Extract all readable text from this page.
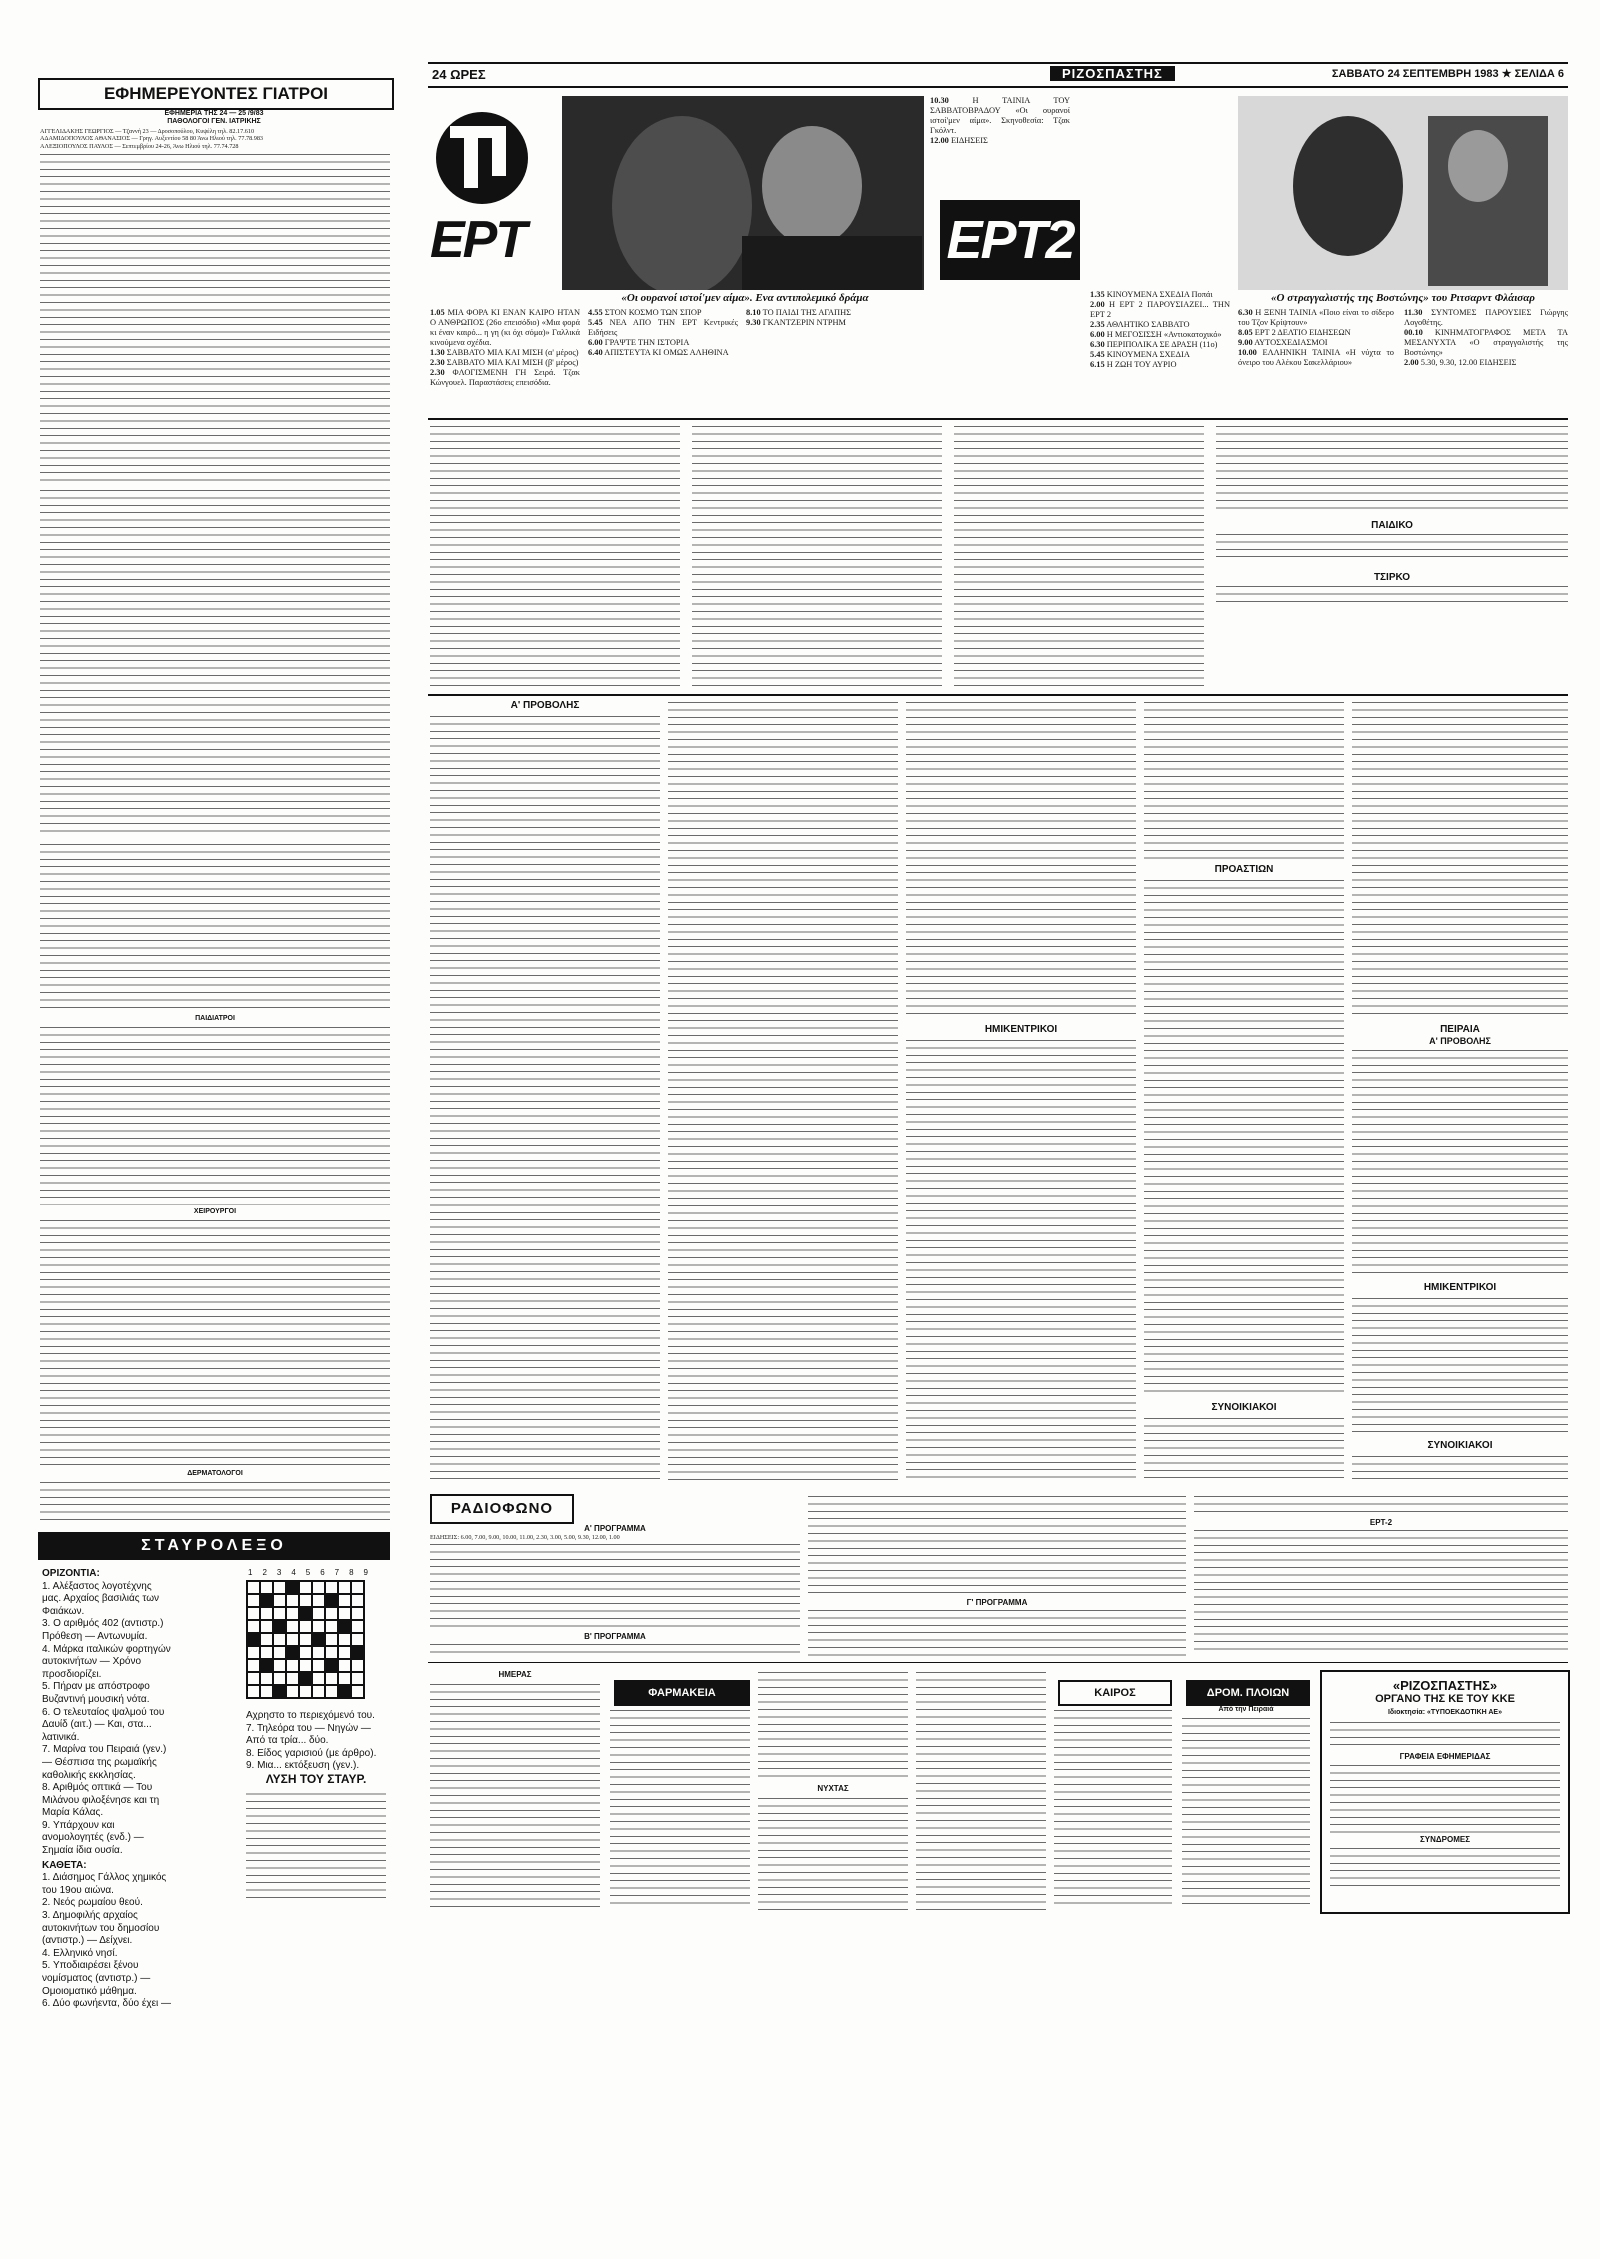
ΕΦΗΜΕΡΕΥΟΝΤΕΣ ΓΙΑΤΡΟΙ
ΕΦΗΜΕΡΙΑ ΤΗΣ 24 — 25 /9/83
ΠΑΘΟΛΟΓΟΙ ΓΕΝ. ΙΑΤΡΙΚΗΣ
ΑΓΓΕΛΙΔΑΚΗΣ ΓΕΩΡΓΙΟΣ — Τζαννή 23 — Δροσοπούλου, Κυψέλη τηλ. 82.17.610
ΑΔΑΜΙΔΟΠΟΥΛΟΣ ΑΘΑΝΑΣΙΟΣ — Γρηγ. Αυξεντίου 58 80 Άνω Ηλιού τηλ. 77.78.983
ΑΛΕΞΙΟΠΟΥΛΟΣ ΠΑΥΛΟΣ — Σεπτεμβρίου 24-26, Άνω Ηλιού τηλ. 77.74.728
ΠΑΙΔΙΑΤΡΟΙ
ΧΕΙΡΟΥΡΓΟΙ
ΔΕΡΜΑΤΟΛΟΓΟΙ
ΣΤΑΥΡΟΛΕΞΟ
ΟΡΙΖΟΝΤΙΑ:
1. Αλέξαστος λογοτέχνης μας. Αρχαίος βασιλιάς των Φαιάκων.
3. O αριθμός 402 (αντιστρ.) Πρόθεση — Αντωνυμία.
4. Μάρκα ιταλικών φορτηγών αυτοκινήτων — Χρόνο προσδιορίζει.
5. Πήραν με απόστροφο Βυζαντινή μουσική νότα.
6. Ο τελευταίος ψαλμού του Δαυίδ (αιτ.) — Και, στα... λατινικά.
7. Μαρίνα του Πειραιά (γεν.) — Θέσπισα της ρωμαϊκής καθολικής εκκλησίας.
8. Αριθμός οπτικά — Του Μιλάνου φιλοξένησε και τη Μαρία Κάλας.
9. Υπάρχουν και ανομολογητές (ενδ.) — Σημαία ίδια ουσία.
ΚΑΘΕΤΑ:
1. Διάσημος Γάλλος χημικός του 19ου αιώνα.
2. Νεός ρωμαίου θεού.
3. Δημοφιλής αρχαίος αυτοκινήτων του δημοσίου (αντιστρ.) — Δείχνει.
4. Ελληνικό νησί.
5. Υποδιαιρέσει ξένου νομίσματος (αντιστρ.) — Ομοιοματικό μάθημα.
6. Δύο φωνήεντα, δύο έχει —
1 2 3 4 5 6 7 8 9
Αχρηστο το περιεχόμενό του.
7. Τηλεόρα του — Νηγών — Από τα τρία... δύο.
8. Είδος γαρισιού (με άρθρο).
9. Μια... εκτόξευση (γεν.).
ΛΥΣΗ ΤΟΥ ΣΤΑΥΡ.
24 ΩΡΕΣ	ΡΙΖΟΣΠΑΣΤΗΣ	ΣΑΒΒΑΤΟ 24 ΣΕΠΤΕΜΒΡΗ 1983 ★ ΣΕΛΙΔΑ 6
ΕΡΤ
«Οι ουρανοί ιστοί'μεν αίμα». Ενα αντιπολεμικό δράμα
1.05 ΜΙΑ ΦΟΡΑ ΚΙ ΕΝΑΝ ΚΑΙΡΟ ΗΤΑΝ Ο ΑΝΘΡΩΠΟΣ (26ο επεισόδιο) «Μια φορά κι έναν καιρό... η γη (κι όχι σόμα)» Γαλλικά κινούμενα σχέδια.
1.30 ΣΑΒΒΑΤΟ ΜΙΑ ΚΑΙ ΜΙΣΗ (α' μέρος)
2.30 ΣΑΒΒΑΤΟ ΜΙΑ ΚΑΙ ΜΙΣΗ (β' μέρος)
2.30 ΦΛΟΓΙΣΜΕΝΗ ΓΗ Σειρά. Τζακ Κώνγουελ. Παραστάσεις επεισόδια.
4.55 ΣΤΟΝ ΚΟΣΜΟ ΤΩΝ ΣΠΟΡ
5.45 ΝΕΑ ΑΠΟ ΤΗΝ ΕΡΤ Κεντρικές Ειδήσεις
6.00 ΓΡΑΨΤΕ ΤΗΝ ΙΣΤΟΡΙΑ
6.40 ΑΠΙΣΤΕΥΤΑ ΚΙ ΟΜΩΣ ΑΛΗΘΙΝΑ
8.10 ΤΟ ΠΑΙΔΙ ΤΗΣ ΑΓΑΠΗΣ
9.30 ΓΚΑΝΤΖΕΡΙΝ ΝΤΡΗΜ
10.30	Η ΤΑΙΝΙΑ ΤΟΥ ΣΑΒΒΑΤΟΒΡΑΔΟΥ «Οι ουρανοί ιστοί'μεν αίμα». Σκηνοθεσία: Τζακ Γκόλντ.
12.00 ΕΙΔΗΣΕΙΣ
ΕΡΤ2
«Ο στραγγαλιστής της Βοστώνης» του Ριτσαρντ Φλάισαρ
1.35 ΚΙΝΟΥΜΕΝΑ ΣΧΕΔΙΑ Ποπάι
2.00 Η ΕΡΤ 2 ΠΑΡΟΥΣΙΑΖΕΙ... ΤΗΝ ΕΡΤ 2
2.35 ΑΘΛΗΤΙΚΟ ΣΑΒΒΑΤΟ
6.00 Η ΜΕΓΟΣΙΣΣΗ «Αντιοκατοχικό»
6.30 ΠΕΡΙΠΟΛΙΚΑ ΣΕ ΔΡΑΣΗ (11ο)
5.45 ΚΙΝΟΥΜΕΝΑ ΣΧΕΔΙΑ
6.15 Η ΖΩΗ ΤΟΥ ΑΥΡΙΟ
6.30 Η ΞΕΝΗ ΤΑΙΝΙΑ «Ποιο είναι το σίδερο του Τζον Κρίψτουν»
8.05 ΕΡΤ 2 ΔΕΛΤΙΟ ΕΙΔΗΣΕΩΝ
9.00 ΑΥΤΟΣΧΕΔΙΑΣΜΟΙ
10.00 ΕΛΛΗΝΙΚΗ ΤΑΙΝΙΑ «Η νύχτα το όνειρο του Αλέκου Σακελλάριου»
11.30 ΣΥΝΤΟΜΕΣ ΠΑΡΟΥΣΙΕΣ Γιώργης Λογοθέτης.
00.10 ΚΙΝΗΜΑΤΟΓΡΑΦΟΣ ΜΕΤΑ ΤΑ ΜΕΣΑΝΥΧΤΑ «Ο στραγγαλιστής της Βοστώνης»
2.00 5.30, 9.30, 12.00 ΕΙΔΗΣΕΙΣ
ΠΑΙΔΙΚΟ
ΤΣΙΡΚΟ
Α' ΠΡΟΒΟΛΗΣ
ΗΜΙΚΕΝΤΡΙΚΟΙ
ΠΡΟΑΣΤΙΩΝ
ΣΥΝΟΙΚΙΑΚΟΙ
ΠΕΙΡΑΙΑ
Α' ΠΡΟΒΟΛΗΣ
ΗΜΙΚΕΝΤΡΙΚΟΙ
ΣΥΝΟΙΚΙΑΚΟΙ
ΡΑΔΙΟΦΩΝΟ
Α' ΠΡΟΓΡΑΜΜΑ
ΕΙΔΗΣΕΙΣ: 6.00, 7.00, 9.00, 10.00, 11.00, 2.30, 3.00, 5.00, 9.30, 12.00, 1.00
Β' ΠΡΟΓΡΑΜΜΑ
Γ' ΠΡΟΓΡΑΜΜΑ
ΕΡΤ-2
ΗΜΕΡΑΣ
ΦΑΡΜΑΚΕΙΑ
ΝΥΧΤΑΣ
ΚΑΙΡΟΣ	ΔΡΟΜ. ΠΛΟΙΩΝ
Από την Πειραιά
«ΡΙΖΟΣΠΑΣΤΗΣ»
ΟΡΓΑΝΟ ΤΗΣ ΚΕ ΤΟΥ ΚΚΕ
Ιδιοκτησία: «ΤΥΠΟΕΚΔΟΤΙΚΗ ΑΕ»
ΓΡΑΦΕΙΑ ΕΦΗΜΕΡΙΔΑΣ
ΣΥΝΔΡΟΜΕΣ
